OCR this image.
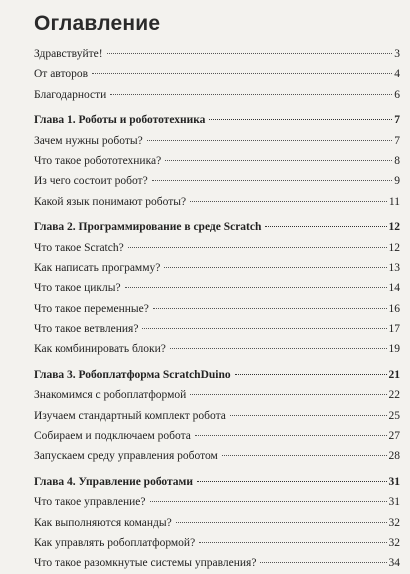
Оглавление
Здравствуйте!	3
От авторов	4
Благодарности	6
Глава 1. Роботы и робототехника	7
Зачем нужны роботы?	7
Что такое робототехника?	8
Из чего состоит робот?	9
Какой язык понимают роботы?	11
Глава 2. Программирование в среде Scratch	12
Что такое Scratch?	12
Как написать программу?	13
Что такое циклы?	14
Что такое переменные?	16
Что такое ветвления?	17
Как комбинировать блоки?	19
Глава 3. Робоплатформа ScratchDuino	21
Знакомимся с робоплатформой	22
Изучаем стандартный комплект робота	25
Собираем и подключаем робота	27
Запускаем среду управления роботом	28
Глава 4. Управление роботами	31
Что такое управление?	31
Как выполняются команды?	32
Как управлять робоплатформой?	32
Что такое разомкнутые системы управления?	34
